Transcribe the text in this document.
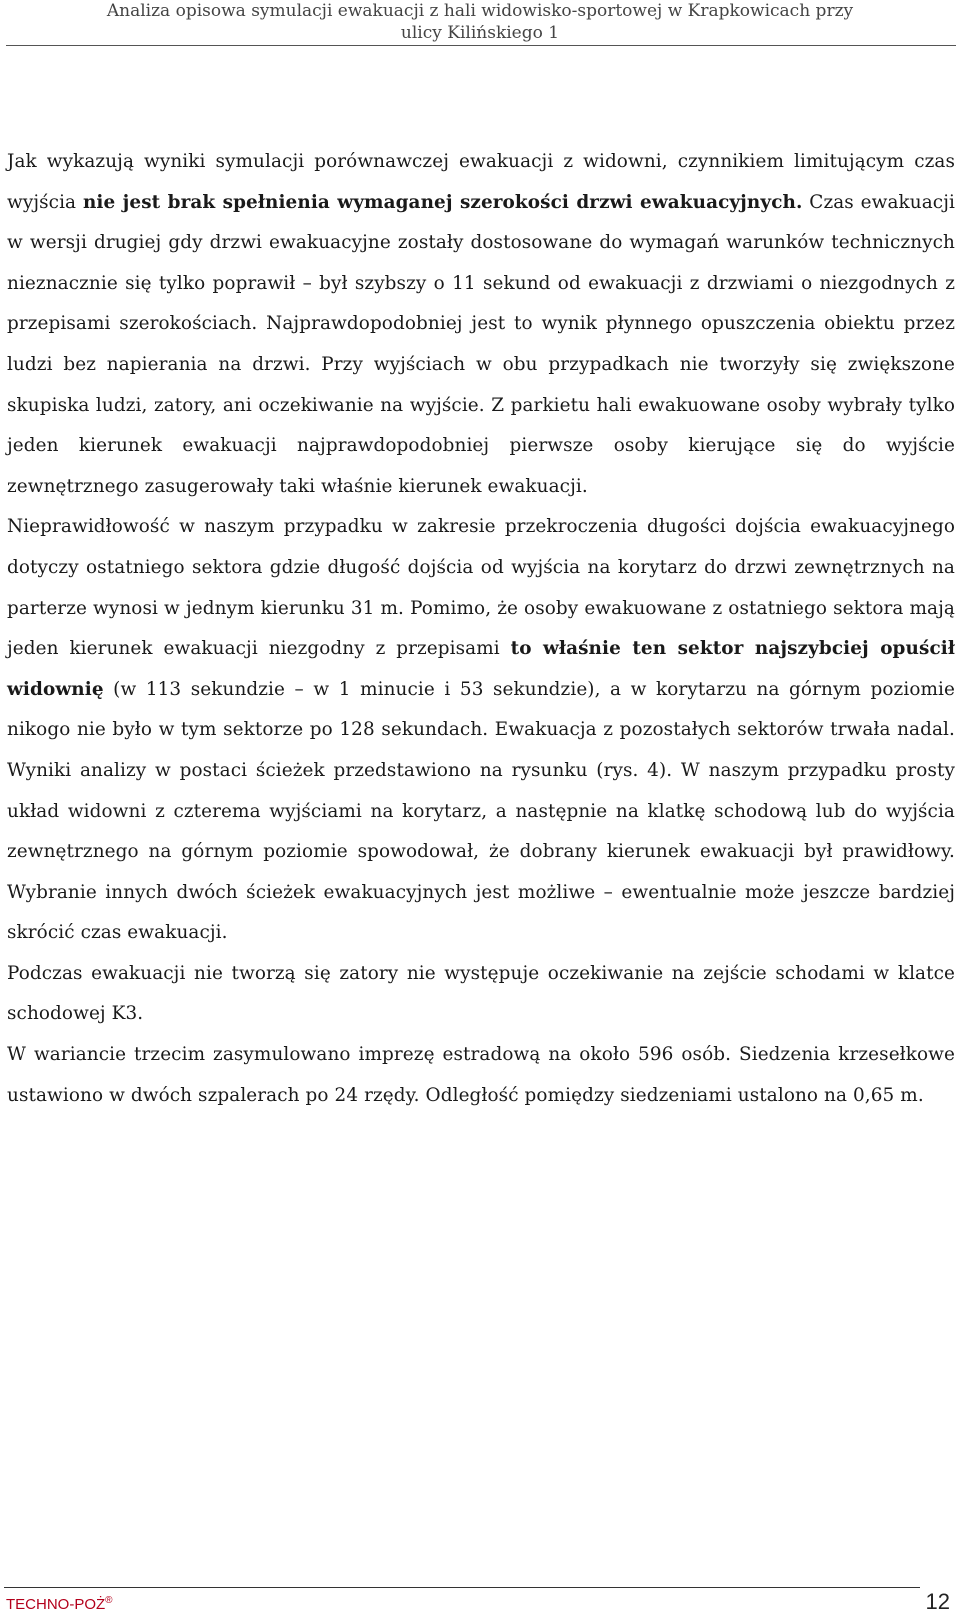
Analiza opisowa symulacji ewakuacji z hali widowisko-sportowej w Krapkowicach przy
ulicy Kilińskiego 1

Jak wykazują wyniki symulacji porównawczej ewakuacji z widowni, czynnikiem limitującym czas wyjścia nie jest brak spełnienia wymaganej szerokości drzwi ewakuacyjnych. Czas ewakuacji w wersji drugiej gdy drzwi ewakuacyjne zostały dostosowane do wymagań warunków technicznych nieznacznie się tylko poprawił – był szybszy o 11 sekund od ewakuacji z drzwiami o niezgodnych z przepisami szerokościach. Najprawdopodobniej jest to wynik płynnego opuszczenia obiektu przez ludzi bez napierania na drzwi. Przy wyjściach w obu przypadkach nie tworzyły się zwiększone skupiska ludzi, zatory, ani oczekiwanie na wyjście. Z parkietu hali ewakuowane osoby wybrały tylko jeden kierunek ewakuacji najprawdopodobniej pierwsze osoby kierujące się do wyjście zewnętrznego zasugerowały taki właśnie kierunek ewakuacji.

Nieprawidłowość w naszym przypadku w zakresie przekroczenia długości dojścia ewakuacyjnego dotyczy ostatniego sektora gdzie długość dojścia od wyjścia na korytarz do drzwi zewnętrznych na parterze wynosi w jednym kierunku 31 m. Pomimo, że osoby ewakuowane z ostatniego sektora mają jeden kierunek ewakuacji niezgodny z przepisami to właśnie ten sektor najszybciej opuścił widownię (w 113 sekundzie – w 1 minucie i 53 sekundzie), a w korytarzu na górnym poziomie nikogo nie było w tym sektorze po 128 sekundach. Ewakuacja z pozostałych sektorów trwała nadal. Wyniki analizy w postaci ścieżek przedstawiono na rysunku (rys. 4). W naszym przypadku prosty układ widowni z czterema wyjściami na korytarz, a następnie na klatkę schodową lub do wyjścia zewnętrznego na górnym poziomie spowodował, że dobrany kierunek ewakuacji był prawidłowy. Wybranie innych dwóch ścieżek ewakuacyjnych jest możliwe – ewentualnie może jeszcze bardziej skrócić czas ewakuacji.

Podczas ewakuacji nie tworzą się zatory nie występuje oczekiwanie na zejście schodami w klatce schodowej K3.

W wariancie trzecim zasymulowano imprezę estradową na około 596 osób. Siedzenia krzesełkowe ustawiono w dwóch szpalerach po 24 rzędy. Odległość pomiędzy siedzeniami ustalono na 0,65 m.

TECHNO-POŻ®	12
